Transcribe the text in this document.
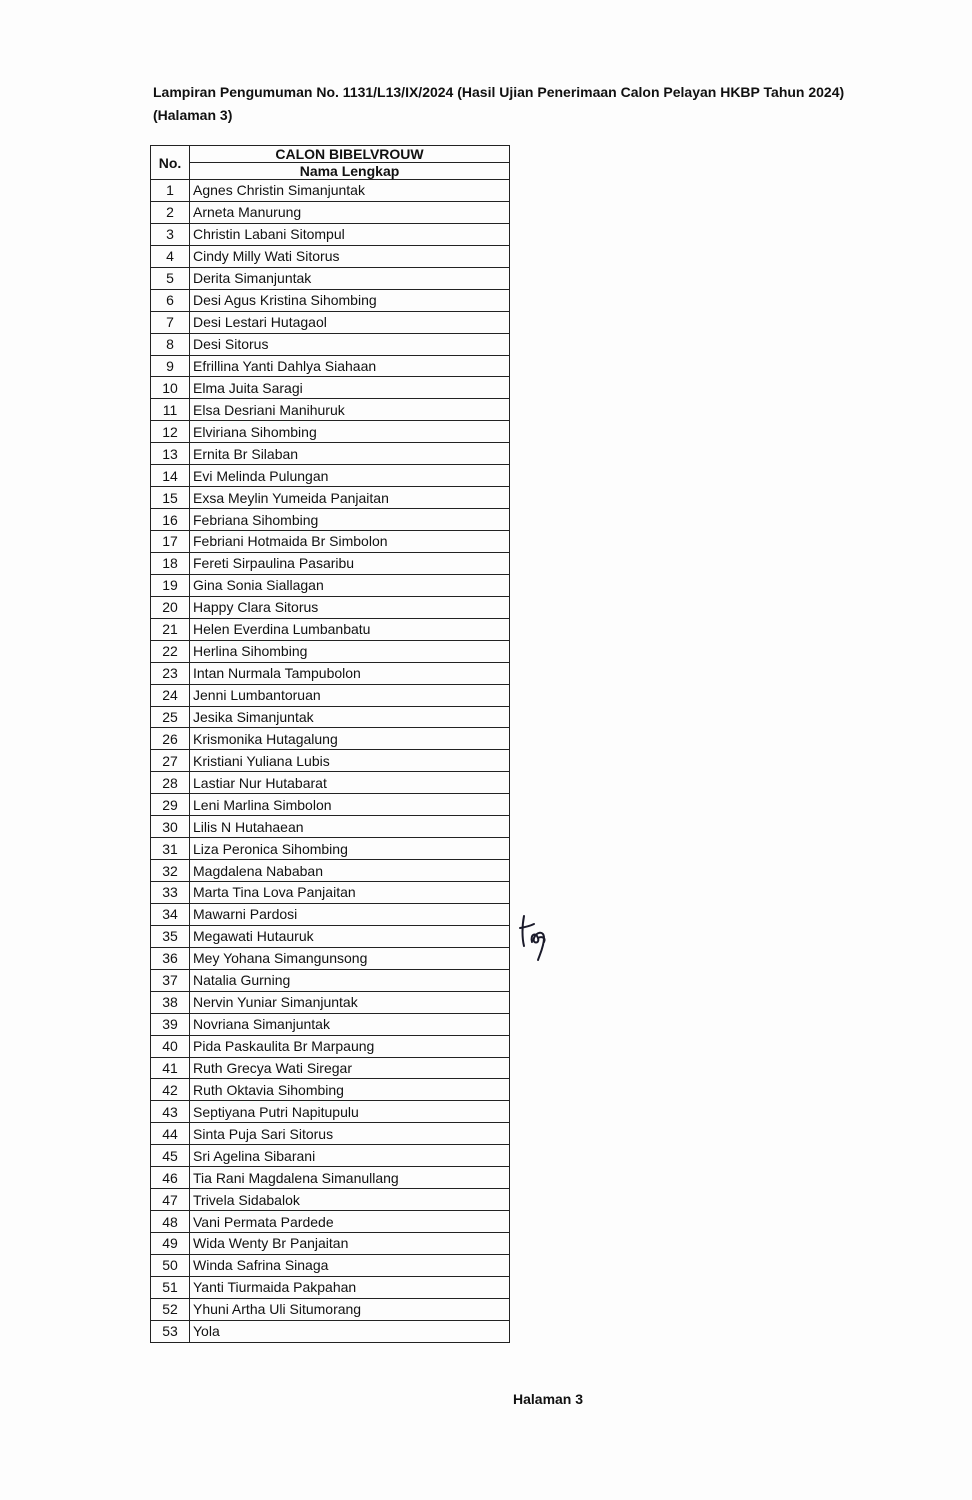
Lampiran Pengumuman No. 1131/L13/IX/2024 (Hasil Ujian Penerimaan Calon Pelayan HKBP Tahun 2024)
(Halaman 3)
No.	CALON BIBELVROUW
	Nama Lengkap
1	Agnes Christin Simanjuntak
2	Arneta Manurung
3	Christin Labani Sitompul
4	Cindy Milly Wati Sitorus
5	Derita Simanjuntak
6	Desi Agus Kristina Sihombing
7	Desi Lestari Hutagaol
8	Desi Sitorus
9	Efrillina Yanti Dahlya Siahaan
10	Elma Juita Saragi
11	Elsa Desriani Manihuruk
12	Elviriana Sihombing
13	Ernita Br Silaban
14	Evi Melinda Pulungan
15	Exsa Meylin Yumeida Panjaitan
16	Febriana Sihombing
17	Febriani Hotmaida Br Simbolon
18	Fereti Sirpaulina Pasaribu
19	Gina Sonia Siallagan
20	Happy Clara Sitorus
21	Helen Everdina Lumbanbatu
22	Herlina Sihombing
23	Intan Nurmala Tampubolon
24	Jenni Lumbantoruan
25	Jesika Simanjuntak
26	Krismonika Hutagalung
27	Kristiani Yuliana Lubis
28	Lastiar Nur Hutabarat
29	Leni Marlina Simbolon
30	Lilis N Hutahaean
31	Liza Peronica Sihombing
32	Magdalena Nababan
33	Marta Tina Lova Panjaitan
34	Mawarni Pardosi
35	Megawati Hutauruk
36	Mey Yohana Simangunsong
37	Natalia Gurning
38	Nervin Yuniar Simanjuntak
39	Novriana Simanjuntak
40	Pida Paskaulita Br Marpaung
41	Ruth Grecya Wati Siregar
42	Ruth Oktavia Sihombing
43	Septiyana Putri Napitupulu
44	Sinta Puja Sari Sitorus
45	Sri Agelina Sibarani
46	Tia Rani Magdalena Simanullang
47	Trivela Sidabalok
48	Vani Permata Pardede
49	Wida Wenty Br Panjaitan
50	Winda Safrina Sinaga
51	Yanti Tiurmaida Pakpahan
52	Yhuni Artha Uli Situmorang
53	Yola
Halaman 3
